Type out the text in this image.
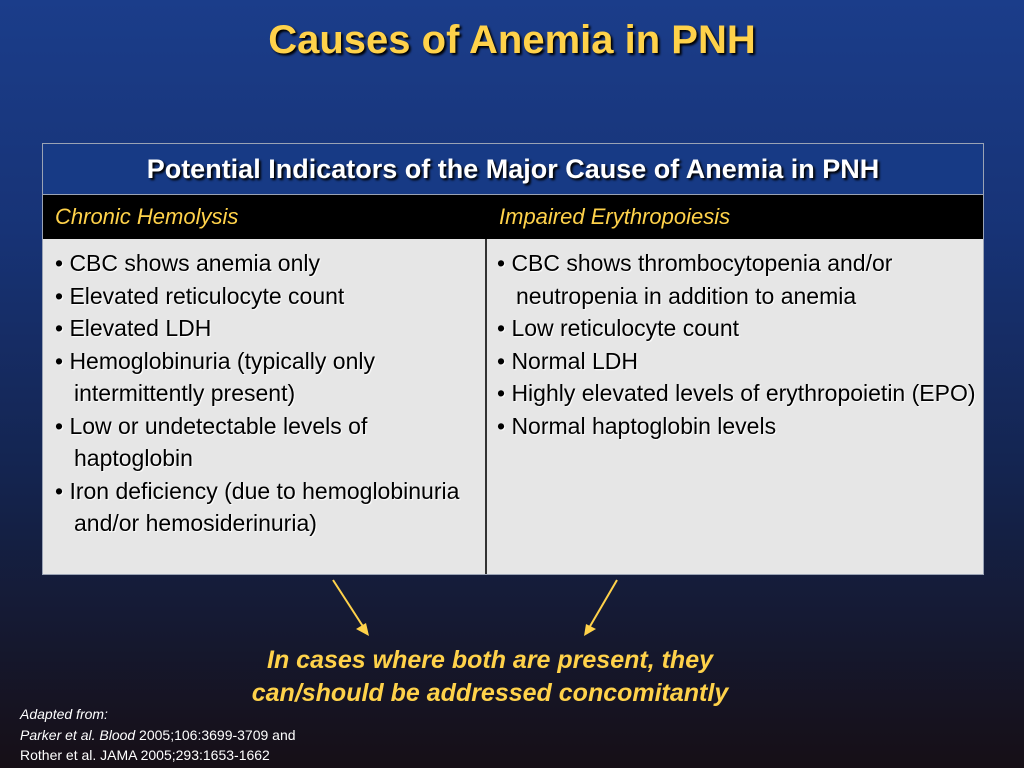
Causes of Anemia in PNH
Potential Indicators of the Major Cause of Anemia in PNH
Chronic Hemolysis	Impaired Erythropoiesis
• CBC shows anemia only
• Elevated reticulocyte count
• Elevated LDH
• Hemoglobinuria (typically only intermittently present)
• Low or undetectable levels of haptoglobin
• Iron deficiency (due to hemoglobinuria and/or hemosiderinuria)
• CBC shows thrombocytopenia and/or neutropenia in addition to anemia
• Low reticulocyte count
• Normal LDH
• Highly elevated levels of erythropoietin (EPO)
• Normal haptoglobin levels
In cases where both are present, they
can/should be addressed concomitantly
Adapted from:
Parker et al. Blood 2005;106:3699-3709 and
Rother et al. JAMA 2005;293:1653-1662
